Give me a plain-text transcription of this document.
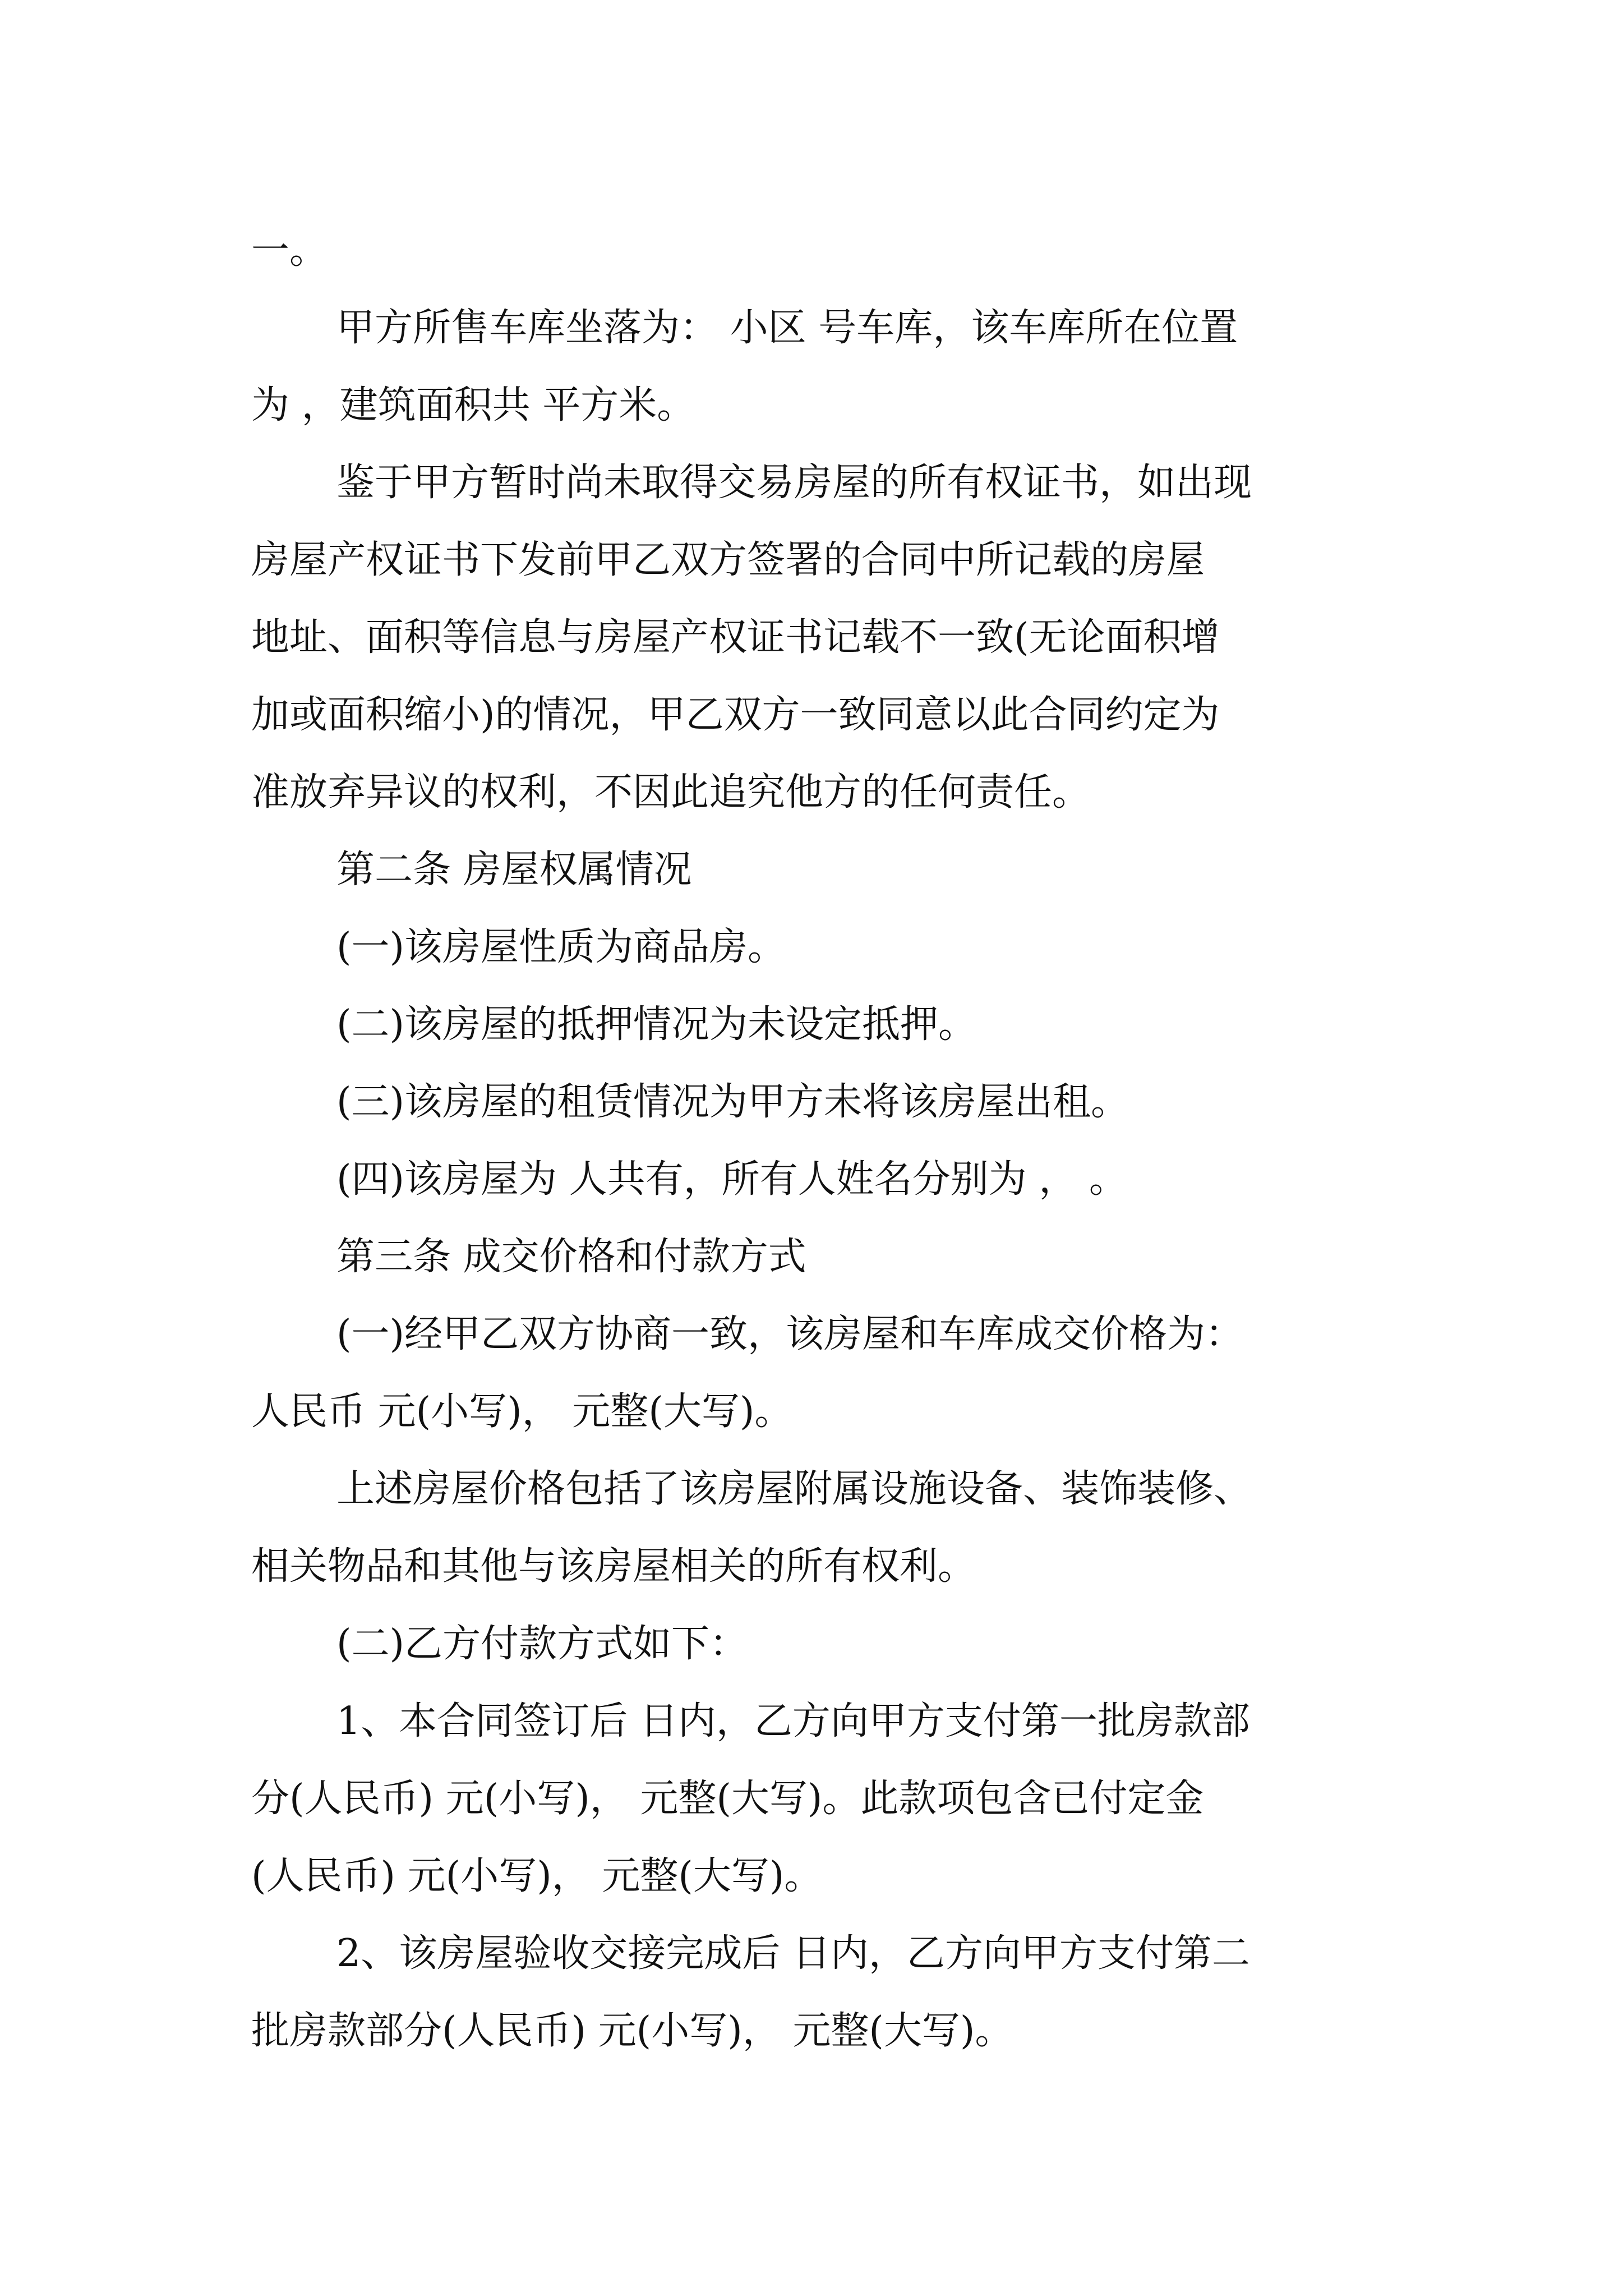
一。
甲方所售车库坐落为： 小区 号车库，该车库所在位置
为 ，建筑面积共 平方米。
鉴于甲方暂时尚未取得交易房屋的所有权证书，如出现
房屋产权证书下发前甲乙双方签署的合同中所记载的房屋
地址、面积等信息与房屋产权证书记载不一致(无论面积增
加或面积缩小)的情况，甲乙双方一致同意以此合同约定为
准放弃异议的权利，不因此追究他方的任何责任。
第二条 房屋权属情况
(一)该房屋性质为商品房。
(二)该房屋的抵押情况为未设定抵押。
(三)该房屋的租赁情况为甲方未将该房屋出租。
(四)该房屋为 人共有，所有人姓名分别为 ， 。
第三条 成交价格和付款方式
(一)经甲乙双方协商一致，该房屋和车库成交价格为：
人民币 元(小写)， 元整(大写)。
上述房屋价格包括了该房屋附属设施设备、装饰装修、
相关物品和其他与该房屋相关的所有权利。
(二)乙方付款方式如下：
1、本合同签订后 日内，乙方向甲方支付第一批房款部
分(人民币) 元(小写)， 元整(大写)。此款项包含已付定金
(人民币) 元(小写)， 元整(大写)。
2、该房屋验收交接完成后 日内，乙方向甲方支付第二
批房款部分(人民币) 元(小写)， 元整(大写)。
